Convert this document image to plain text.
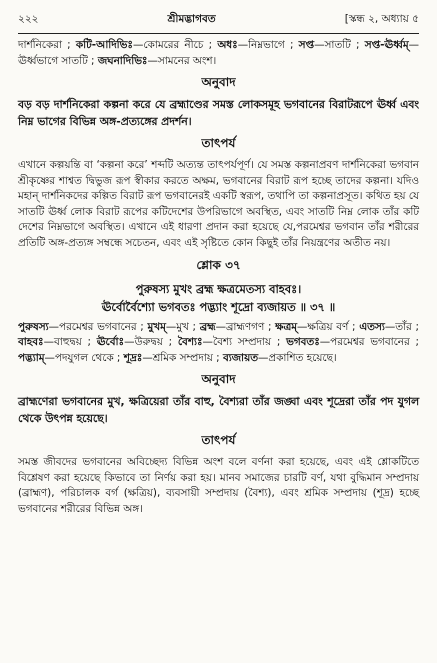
২২২	শ্রীমদ্ভাগবত	[স্কন্ধ ২, অধ্যায় ৫

দার্শনিকেরা ; কটি-আদিভিঃ—কোমরের নীচে ; অধঃ—নিম্নভাগে ; সপ্ত—সাতটি ; সপ্ত-ঊর্ধ্বম্‌—ঊর্ধ্বভাগে সাতটি ; জঘনাদিভিঃ—সামনের অংশ।

অনুবাদ

বড় বড় দার্শনিকেরা কল্পনা করে যে ব্রহ্মাণ্ডের সমস্ত লোকসমূহ ভগবানের বিরাটরূপে ঊর্ধ্ব এবং নিম্ন ভাগের বিভিন্ন অঙ্গ-প্রত্যঙ্গের প্রদর্শন।

তাৎপর্য

এখানে কল্পয়ন্তি বা ‘কল্পনা করে’ শব্দটি অত্যন্ত তাৎপর্যপূর্ণ। যে সমস্ত কল্পনাপ্রবণ দার্শনিকেরা ভগবান শ্রীকৃষ্ণের শাশ্বত দ্বিভুজ রূপ স্বীকার করতে অক্ষম, ভগবানের বিরাট রূপ হচ্ছে তাদের কল্পনা। যদিও মহান্‌ দার্শনিকদের কল্পিত বিরাট রূপ ভগবানেরই একটি স্বরূপ, তথাপি তা কল্পনাপ্রসূত। কথিত হয় যে সাতটি ঊর্ধ্ব লোক বিরাট রূপের কটিদেশের উপরিভাগে অবস্থিত, এবং সাতটি নিম্ন লোক তাঁর কটি দেশের নিম্নভাগে অবস্থিত। এখানে এই ধারণা প্রদান করা হয়েছে যে,পরমেশ্বর ভগবান তাঁর শরীরের প্রতিটি অঙ্গ-প্রত্যঙ্গ সম্বন্ধে সচেতন, এবং এই সৃষ্টিতে কোন কিছুই তাঁর নিয়ন্ত্রণের অতীত নয়।

শ্লোক ৩৭
পুরুষস্য মুখং ব্রহ্ম ক্ষত্রমেতস্য বাহবঃ।
ঊর্বোর্বৈশ্যো ভগবতঃ পদ্ভ্যাং শূদ্রো ব্যজায়ত ॥ ৩৭ ॥

পুরুষস্য—পরমেশ্বর ভগবানের ; মুখম্‌—মুখ ; ব্রহ্ম—ব্রাহ্মণগণ ; ক্ষত্রম্‌—ক্ষত্রিয় বর্ণ ; এতস্য—তাঁর ; বাহবঃ—বাহুদ্বয় ; ঊর্বোঃ—উরুদ্বয় ; বৈশ্যঃ—বৈশ্য সম্প্রদায় ; ভগবতঃ—পরমেশ্বর ভগবানের ; পদ্ভ্যাম্‌—পদযুগল থেকে ; শূদ্রঃ—শ্রমিক সম্প্রদায় ; ব্যজায়ত—প্রকাশিত হয়েছে।

অনুবাদ

ব্রাহ্মণেরা ভগবানের মুখ, ক্ষত্রিয়েরা তাঁর বাহু, বৈশ্যরা তাঁর জঙ্ঘা এবং শূদ্রেরা তাঁর পদ যুগল থেকে উৎপন্ন হয়েছে।

তাৎপর্য

সমস্ত জীবদের ভগবানের অবিচ্ছেদ্য বিভিন্ন অংশ বলে বর্ণনা করা হয়েছে, এবং এই শ্লোকটিতে বিশ্লেষণ করা হয়েছে কিভাবে তা নির্ণয় করা হয়। মানব সমাজের চারটি বর্ণ, যথা বুদ্ধিমান সম্প্রদায় (ব্রাহ্মণ), পরিচালক বর্গ (ক্ষত্রিয়), ব্যবসায়ী সম্প্রদায় (বৈশ্য), এবং শ্রমিক সম্প্রদায় (শূদ্র) হচ্ছে ভগবানের শরীরের বিভিন্ন অঙ্গ।
